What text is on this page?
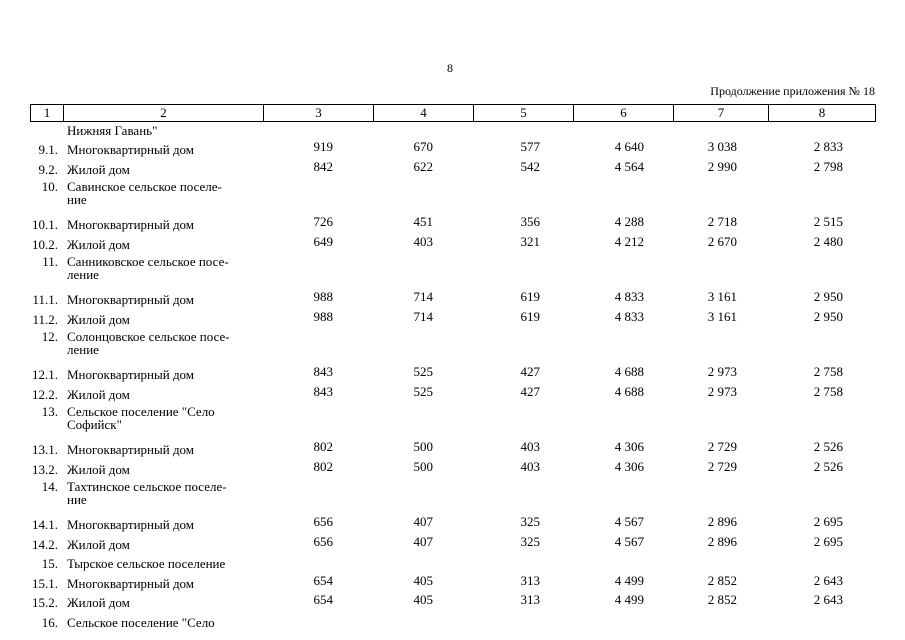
8
Продолжение приложения № 18
1	2	3	4	5	6	7	8
Нижняя Гавань"
9.1. Многоквартирный дом	919	670	577	4 640	3 038	2 833
9.2. Жилой дом	842	622	542	4 564	2 990	2 798
10. Савинское сельское поселе-
ние
10.1. Многоквартирный дом	726	451	356	4 288	2 718	2 515
10.2. Жилой дом	649	403	321	4 212	2 670	2 480
11. Санниковское сельское посе-
ление
11.1. Многоквартирный дом	988	714	619	4 833	3 161	2 950
11.2. Жилой дом	988	714	619	4 833	3 161	2 950
12. Солонцовское сельское посе-
ление
12.1. Многоквартирный дом	843	525	427	4 688	2 973	2 758
12.2. Жилой дом	843	525	427	4 688	2 973	2 758
13. Сельское поселение "Село
Софийск"
13.1. Многоквартирный дом	802	500	403	4 306	2 729	2 526
13.2. Жилой дом	802	500	403	4 306	2 729	2 526
14. Тахтинское сельское поселе-
ние
14.1. Многоквартирный дом	656	407	325	4 567	2 896	2 695
14.2. Жилой дом	656	407	325	4 567	2 896	2 695
15. Тырское сельское поселение
15.1. Многоквартирный дом	654	405	313	4 499	2 852	2 643
15.2. Жилой дом	654	405	313	4 499	2 852	2 643
16. Сельское поселение "Село
